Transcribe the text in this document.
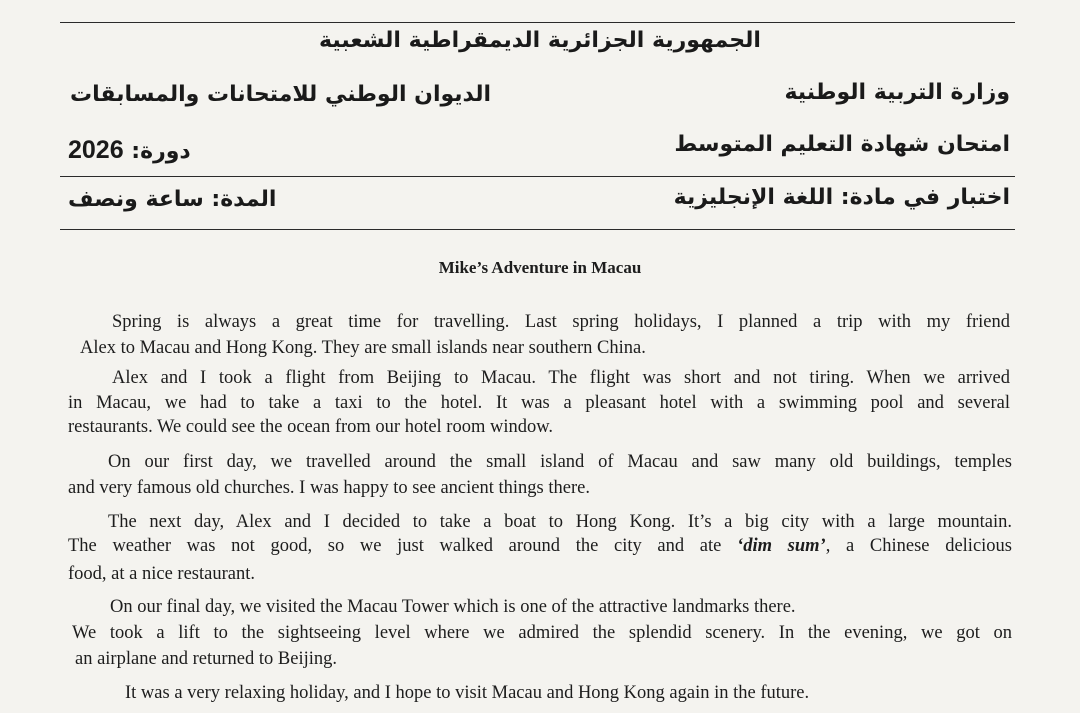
الجمهورية الجزائرية الديمقراطية الشعبية
وزارة التربية الوطنية
الديوان الوطني للامتحانات والمسابقات
امتحان شهادة التعليم المتوسط
2026 دورة:
اختبار في مادة: اللغة الإنجليزية
المدة: ساعة ونصف
Mike’s Adventure in Macau
Spring is always a great time for travelling. Last spring holidays, I planned a trip with my friend
Alex to Macau and Hong Kong. They are small islands near southern China.
Alex and I took a flight from Beijing to Macau. The flight was short and not tiring. When we arrived
in Macau, we had to take a taxi to the hotel. It was a pleasant hotel with a swimming pool and several
restaurants. We could see the ocean from our hotel room window.
On our first day, we travelled around the small island of Macau and saw many old buildings, temples
and very famous old churches. I was happy to see ancient things there.
The next day, Alex and I decided to take a boat to Hong Kong. It’s a big city with a large mountain.
The weather was not good, so we just walked around the city and ate ‘dim sum’, a Chinese delicious
food, at a nice restaurant.
On our final day, we visited the Macau Tower which is one of the attractive landmarks there.
We took a lift to the sightseeing level where we admired the splendid scenery. In the evening, we got on
an airplane and returned to Beijing.
It was a very relaxing holiday, and I hope to visit Macau and Hong Kong again in the future.
